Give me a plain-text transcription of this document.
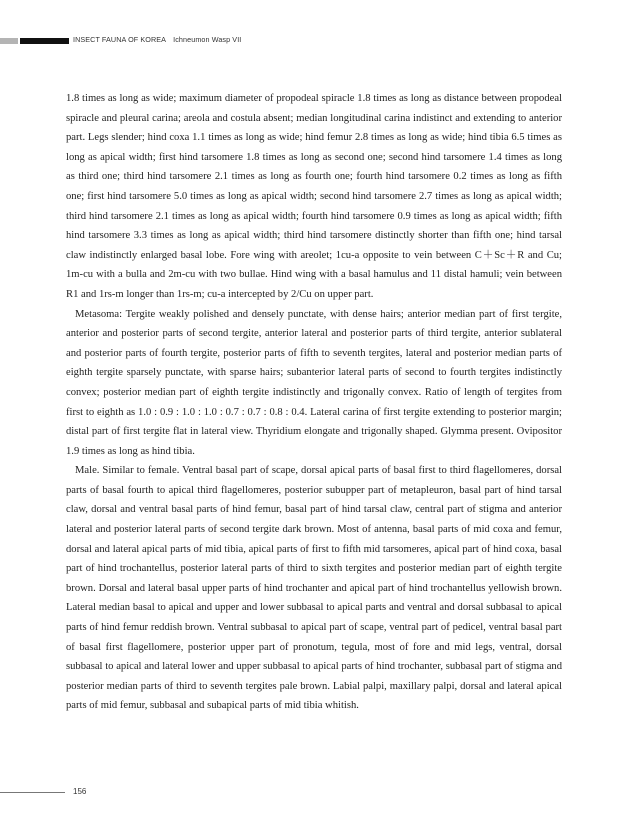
INSECT FAUNA OF KOREA Ichneumon Wasp VII

1.8 times as long as wide; maximum diameter of propodeal spiracle 1.8 times as long as distance between propodeal spiracle and pleural carina; areola and costula absent; median longitudinal carina indistinct and extending to anterior part. Legs slender; hind coxa 1.1 times as long as wide; hind femur 2.8 times as long as wide; hind tibia 6.5 times as long as apical width; first hind tarsomere 1.8 times as long as second one; second hind tarsomere 1.4 times as long as third one; third hind tarsomere 2.1 times as long as fourth one; fourth hind tarsomere 0.2 times as long as fifth one; first hind tarsomere 5.0 times as long as apical width; second hind tarsomere 2.7 times as long as apical width; third hind tarsomere 2.1 times as long as apical width; fourth hind tarsomere 0.9 times as long as apical width; fifth hind tarsomere 3.3 times as long as apical width; third hind tarsomere distinctly shorter than fifth one; hind tarsal claw indistinctly enlarged basal lobe. Fore wing with areolet; 1cu-a opposite to vein between C＋Sc＋R and Cu; 1m-cu with a bulla and 2m-cu with two bullae. Hind wing with a basal hamulus and 11 distal hamuli; vein between R1 and 1rs-m longer than 1rs-m; cu-a intercepted by 2/Cu on upper part.

Metasoma: Tergite weakly polished and densely punctate, with dense hairs; anterior median part of first tergite, anterior and posterior parts of second tergite, anterior lateral and posterior parts of third tergite, anterior sublateral and posterior parts of fourth tergite, posterior parts of fifth to seventh tergites, lateral and posterior median parts of eighth tergite sparsely punctate, with sparse hairs; subanterior lateral parts of second to fourth tergites indistinctly convex; posterior median part of eighth tergite indistinctly and trigonally convex. Ratio of length of tergites from first to eighth as 1.0 : 0.9 : 1.0 : 1.0 : 0.7 : 0.7 : 0.8 : 0.4. Lateral carina of first tergite extending to posterior margin; distal part of first tergite flat in lateral view. Thyridium elongate and trigonally shaped. Glymma present. Ovipositor 1.9 times as long as hind tibia.

Male. Similar to female. Ventral basal part of scape, dorsal apical parts of basal first to third flagellomeres, dorsal parts of basal fourth to apical third flagellomeres, posterior subupper part of metapleuron, basal part of hind tarsal claw, dorsal and ventral basal parts of hind femur, basal part of hind tarsal claw, central part of stigma and anterior lateral and posterior lateral parts of second tergite dark brown. Most of antenna, basal parts of mid coxa and femur, dorsal and lateral apical parts of mid tibia, apical parts of first to fifth mid tarsomeres, apical part of hind coxa, basal part of hind trochantellus, posterior lateral parts of third to sixth tergites and posterior median part of eighth tergite brown. Dorsal and lateral basal upper parts of hind trochanter and apical part of hind trochantellus yellowish brown. Lateral median basal to apical and upper and lower subbasal to apical parts and ventral and dorsal subbasal to apical parts of hind femur reddish brown. Ventral subbasal to apical part of scape, ventral part of pedicel, ventral basal part of basal first flagellomere, posterior upper part of pronotum, tegula, most of fore and mid legs, ventral, dorsal subbasal to apical and lateral lower and upper subbasal to apical parts of hind trochanter, subbasal part of stigma and posterior median parts of third to seventh tergites pale brown. Labial palpi, maxillary palpi, dorsal and lateral apical parts of mid femur, subbasal and subapical parts of mid tibia whitish.

156
